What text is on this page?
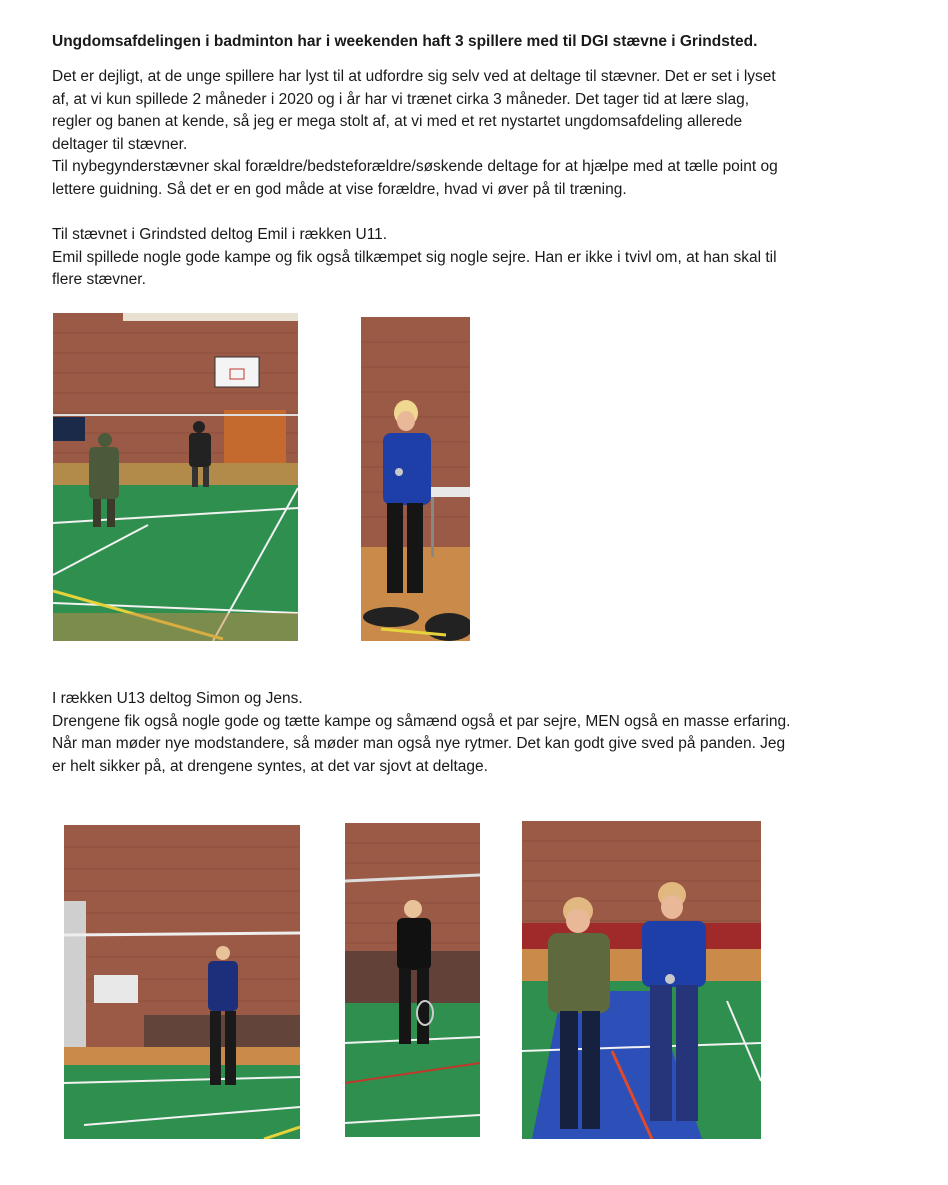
Ungdomsafdelingen i badminton har i weekenden haft 3 spillere med til DGI stævne i Grindsted.
Det er dejligt, at de unge spillere har lyst til at udfordre sig selv ved at deltage til stævner. Det er set i lyset
af, at vi kun spillede 2 måneder i 2020 og i år har vi trænet cirka 3 måneder. Det tager tid at lære slag,
regler og banen at kende, så jeg er mega stolt af, at vi med et ret nystartet ungdomsafdeling allerede
deltager til stævner.
Til nybegynderstævner skal forældre/bedsteforældre/søskende deltage for at hjælpe med at tælle point og
lettere guidning. Så det er en god måde at vise forældre, hvad vi øver på til træning.
Til stævnet i Grindsted deltog Emil i rækken U11.
Emil spillede nogle gode kampe og fik også tilkæmpet sig nogle sejre. Han er ikke i tvivl om, at han skal til
flere stævner.
I rækken U13 deltog Simon og Jens.
Drengene fik også nogle gode og tætte kampe og såmænd også et par sejre, MEN også en masse erfaring.
Når man møder nye modstandere, så møder man også nye rytmer. Det kan godt give sved på panden. Jeg
er helt sikker på, at drengene syntes, at det var sjovt at deltage.
